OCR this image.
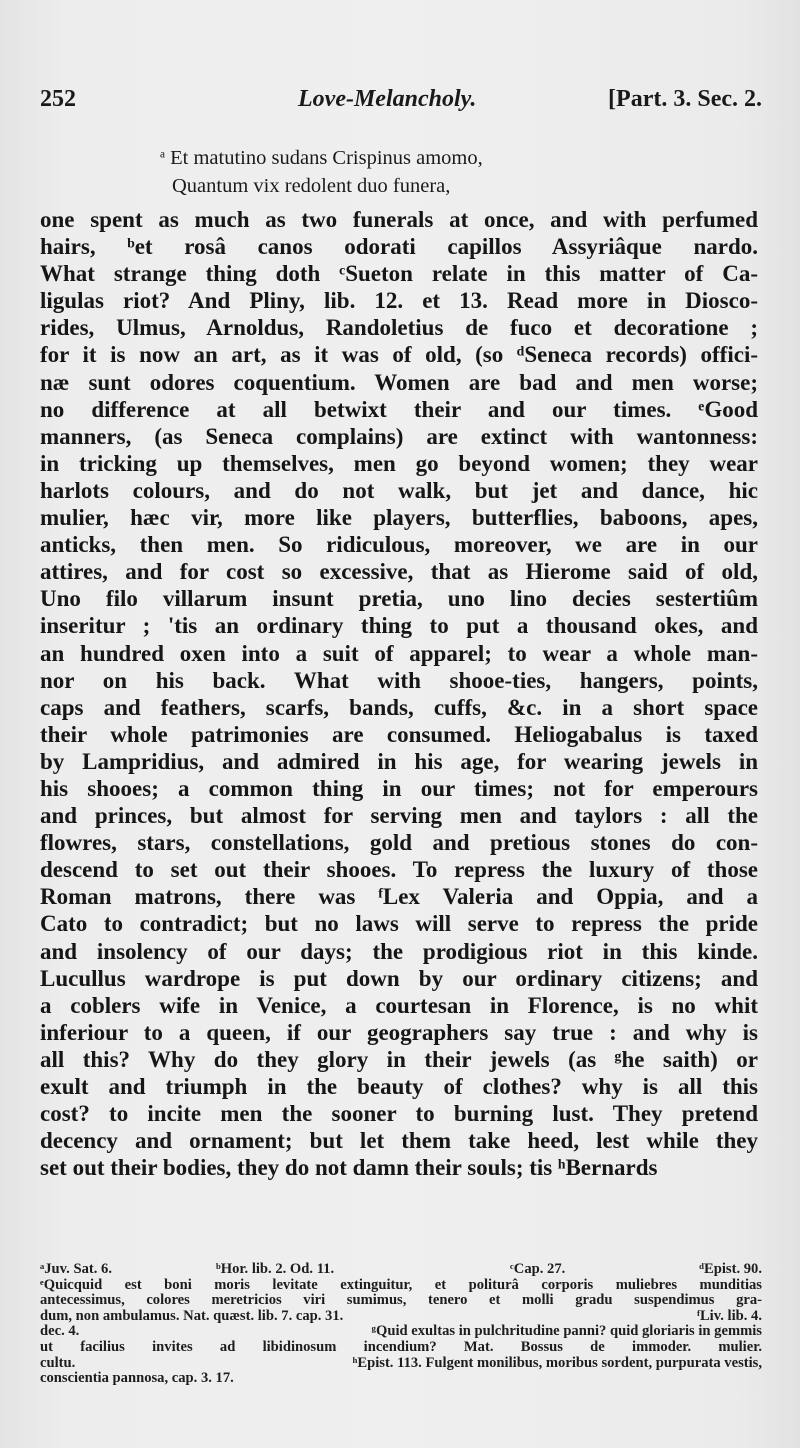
252	Love-Melancholy.	[Part. 3. Sec. 2.
$^a$ Et matutino sudans Crispinus amomo,
Quantum vix redolent duo funera,
one spent as much as two funerals at once, and with perfumed
hairs, ᵇet rosâ canos odorati capillos Assyriâque nardo.
What strange thing doth ᶜSueton relate in this matter of Ca-
ligulas riot? And Pliny, lib. 12. et 13. Read more in Diosco-
rides, Ulmus, Arnoldus, Randoletius de fuco et decoratione ;
for it is now an art, as it was of old, (so ᵈSeneca records) offici-
næ sunt odores coquentium. Women are bad and men worse;
no difference at all betwixt their and our times. ᵉGood
manners, (as Seneca complains) are extinct with wantonness:
in tricking up themselves, men go beyond women; they wear
harlots colours, and do not walk, but jet and dance, hic
mulier, hæc vir, more like players, butterflies, baboons, apes,
anticks, then men. So ridiculous, moreover, we are in our
attires, and for cost so excessive, that as Hierome said of old,
Uno filo villarum insunt pretia, uno lino decies sestertiûm
inseritur ; 'tis an ordinary thing to put a thousand okes, and
an hundred oxen into a suit of apparel; to wear a whole man-
nor on his back. What with shooe-ties, hangers, points,
caps and feathers, scarfs, bands, cuffs, &c. in a short space
their whole patrimonies are consumed. Heliogabalus is taxed
by Lampridius, and admired in his age, for wearing jewels in
his shooes; a common thing in our times; not for emperours
and princes, but almost for serving men and taylors : all the
flowres, stars, constellations, gold and pretious stones do con-
descend to set out their shooes. To repress the luxury of those
Roman matrons, there was ᶠLex Valeria and Oppia, and a
Cato to contradict; but no laws will serve to repress the pride
and insolency of our days; the prodigious riot in this kinde.
Lucullus wardrope is put down by our ordinary citizens; and
a coblers wife in Venice, a courtesan in Florence, is no whit
inferiour to a queen, if our geographers say true : and why is
all this? Why do they glory in their jewels (as ᵍhe saith) or
exult and triumph in the beauty of clothes? why is all this
cost? to incite men the sooner to burning lust. They pretend
decency and ornament; but let them take heed, lest while they
set out their bodies, they do not damn their souls; tis ʰBernards
ᵃJuv. Sat. 6.	ᵇHor. lib. 2. Od. 11.	ᶜCap. 27.	ᵈEpist. 90.
ᵉQuicquid est boni moris levitate extinguitur, et politurâ corporis muliebres munditias
antecessimus, colores meretricios viri sumimus, tenero et molli gradu suspendimus gra-
dum, non ambulamus. Nat. quæst. lib. 7. cap. 31.	ᶠLiv. lib. 4.
dec. 4.	ᵍQuid exultas in pulchritudine panni? quid gloriaris in gemmis
ut facilius invites ad libidinosum incendium? Mat. Bossus de immoder. mulier.
cultu.	ʰEpist. 113. Fulgent monilibus, moribus sordent, purpurata vestis,
conscientia pannosa, cap. 3. 17.
